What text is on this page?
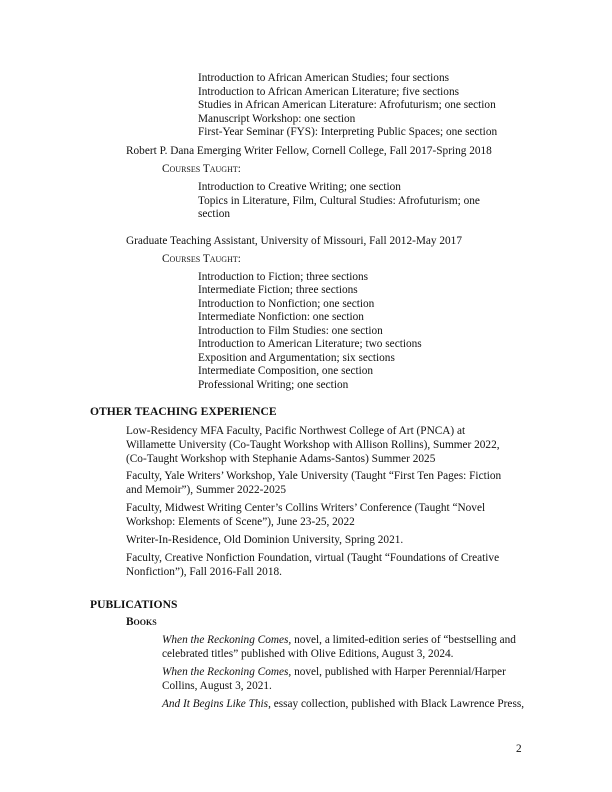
Introduction to African American Studies; four sections
Introduction to African American Literature; five sections
Studies in African American Literature: Afrofuturism; one section
Manuscript Workshop: one section
First-Year Seminar (FYS): Interpreting Public Spaces; one section
Robert P. Dana Emerging Writer Fellow, Cornell College, Fall 2017-Spring 2018
Courses Taught:
Introduction to Creative Writing; one section
Topics in Literature, Film, Cultural Studies: Afrofuturism; one
section
Graduate Teaching Assistant, University of Missouri, Fall 2012-May 2017
Courses Taught:
Introduction to Fiction; three sections
Intermediate Fiction; three sections
Introduction to Nonfiction; one section
Intermediate Nonfiction: one section
Introduction to Film Studies: one section
Introduction to American Literature; two sections
Exposition and Argumentation; six sections
Intermediate Composition, one section
Professional Writing; one section
OTHER TEACHING EXPERIENCE
Low-Residency MFA Faculty, Pacific Northwest College of Art (PNCA) at
Willamette University (Co-Taught Workshop with Allison Rollins), Summer 2022,
(Co-Taught Workshop with Stephanie Adams-Santos) Summer 2025
Faculty, Yale Writers’ Workshop, Yale University (Taught “First Ten Pages: Fiction
and Memoir”), Summer 2022-2025
Faculty, Midwest Writing Center’s Collins Writers’ Conference (Taught “Novel
Workshop: Elements of Scene”), June 23-25, 2022
Writer-In-Residence, Old Dominion University, Spring 2021.
Faculty, Creative Nonfiction Foundation, virtual (Taught “Foundations of Creative
Nonfiction”), Fall 2016-Fall 2018.
PUBLICATIONS
Books
When the Reckoning Comes, novel, a limited-edition series of “bestselling and
celebrated titles” published with Olive Editions, August 3, 2024.
When the Reckoning Comes, novel, published with Harper Perennial/Harper
Collins, August 3, 2021.
And It Begins Like This, essay collection, published with Black Lawrence Press,
2
